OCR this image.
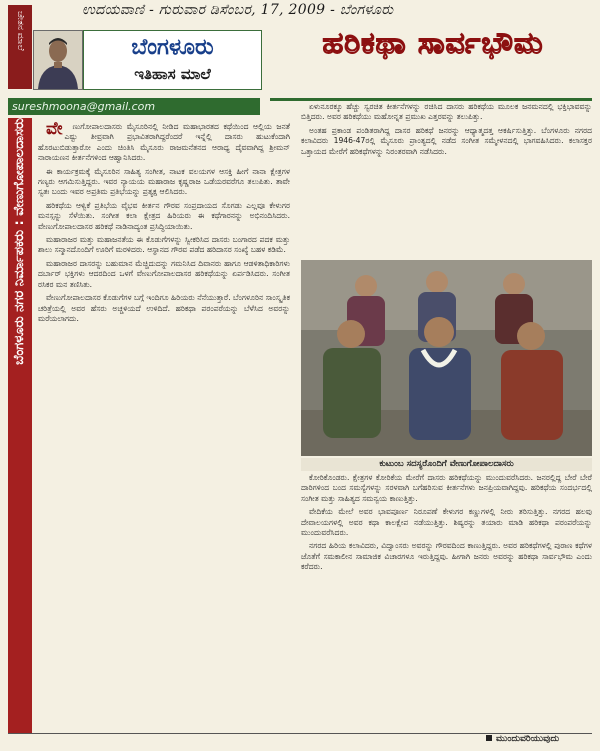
ಚೇತನ ಮಾಲೆ
ಉದಯವಾಣಿ - ಗುರುವಾರ ಡಿಸೆಂಬರ, 17, 2009 - ಬೆಂಗಳೂರು
ಬೆಂಗಳೂರು
ಇತಿಹಾಸ ಮಾಲೆ
ಹರಿಕಥಾ ಸಾರ್ವಭೌಮ
sureshmoona@gmail.com
ಬೆಂಗಳೂರು ನಗರ ನಿರ್ಮಾಪಕರು : ವೇಣುಗೋಪಾಲದಾಸರು	ವೇ ಣುಗೋಪಾಲದಾಸರು ಮೈಸೂರಿನಲ್ಲಿ ನೀಡಿದ ಮಹಾಭಾರತದ ಕಥೆಯಿಂದ ಆಲ್ಲಿಯ ಜನತೆ ಎಷ್ಟು ತೀವ್ರವಾಗಿ ಪ್ರಭಾವಿತರಾಗಿದ್ದರೆಂದರೆ ಇನ್ನೆಲ್ಲಿ ದಾಸರು ಹುಟುಕೆಂದಾಗಿ ಹೊರಟುಬಿಡುತ್ತಾರೋ ಎಂದು ಚಿಂತಿಸಿ ಮೈಸೂರು ರಾಜಮನೆತನದ ಆರಾಧ್ಯ ದೈವವಾಗಿದ್ದ ಶ್ರೀಮನ್ ನಾರಾಯಣನ ಕೀರ್ತನೆಗಳಿಂದ ಆಹ್ವಾನಿಸಿದರು.

ಈ ಕಾರ್ಯಕ್ರಮಕ್ಕೆ ಮೈಸೂರಿನ ಸಾಹಿತ್ಯ ಸಂಗೀತ, ನಾಟಕ ವಲಯಗಳ ಆಸಕ್ತಿ ಹೀಗೆ ನಾನಾ ಕ್ಷೇತ್ರಗಳ ಗಣ್ಯರು ಆಗಮಿಸುತ್ತಿದ್ದರು. ಇವರ ನ್ಯಾಯಯ ಮಹಾರಾಜ ಕೃಷ್ಣರಾಜ ಒಡೆಯರವರೆಗೂ ತಲುಪಿತು. ತಾವೇ ಸ್ವತಃ ಬಂದು ಇವರ ಅಪ್ರತಿಮ ಪ್ರತಿಭೆಯನ್ನು ಪ್ರತ್ಯಕ್ಷ ಆಲಿಸಿದರು.

ಹರಿಕಥೆಯ ಆಳ್ವಿಕೆ ಪ್ರತಿಭೆಯ ವೈಭವ ಕೀರ್ತನ ಗೌರವ ಸಂಪ್ರದಾಯದ ಸೊಗಡು ಎಲ್ಲವೂ ಕೇಳುಗರ ಮನಸ್ಸನ್ನು ಸೆಳೆಯಿತು. ಸಂಗೀತ ಕಲಾ ಕ್ಷೇತ್ರದ ಹಿರಿಯರು ಈ ಕಥೆಗಾರನನ್ನು ಅಭಿನಂದಿಸಿದರು. ವೇಣುಗೋಪಾಲದಾಸರ ಹರಿಕಥೆ ನಾಡಿನಾದ್ಯಂತ ಪ್ರಸಿದ್ಧಿಯಾಯಿತು.

ಮಹಾರಾಜರ ಮತ್ತು ಮಹಾಜನತೆಯ ಈ ಕೊಡುಗೆಗಳನ್ನು ಸ್ವೀಕರಿಸಿದ ದಾಸರು ಬಂಗಾರದ ಪದಕ ಮತ್ತು ಶಾಲು ಸನ್ಮಾನದೊಂದಿಗೆ ಊರಿಗೆ ಮರಳಿದರು. ಆಸ್ಥಾನದ ಗೌರವ ಪಡೆದ ಹರಿದಾಸರ ಸಂಖ್ಯೆ ಬಹಳ ಕಡಿಮೆ.

ಮಹಾರಾಜರ ದಾಸರನ್ನು ಬಹುಮಾನ ಮೆಚ್ಚಿದುದನ್ನು ಗಮನಿಸಿದ ದಿವಾನರು ಹಾಗೂ ಆಡಳಿತಾಧಿಕಾರಿಗಳು ದರ್ಬಾರ್ ಭಕ್ತಿಗಳು ಆದರದಿಂದ ಒಳಗೆ ವೇಣುಗೋಪಾಲದಾಸರ ಹರಿಕಥೆಯನ್ನು ಏರ್ಪಡಿಸಿದರು. ಸಂಗೀತ ರಸಿಕರ ಮನ ತಣಿಸಿತು.

ವೇಣುಗೋಪಾಲದಾಸರ ಕೊಡುಗೆಗಳ ಬಗ್ಗೆ ಇಂದಿಗೂ ಹಿರಿಯರು ನೆನೆಯುತ್ತಾರೆ. ಬೆಂಗಳೂರಿನ ಸಾಂಸ್ಕೃತಿಕ ಚರಿತ್ರೆಯಲ್ಲಿ ಅವರ ಹೆಸರು ಅಚ್ಚಳಿಯದೆ ಉಳಿದಿದೆ. ಹರಿಕಥಾ ಪರಂಪರೆಯನ್ನು ಬೆಳೆಸಿದ ಅವರನ್ನು ಮರೆಯಲಾಗದು.

ಏಳುನೂರಕ್ಕೂ ಹೆಚ್ಚು ಸ್ವರಚಿತ ಕೀರ್ತನೆಗಳನ್ನು ರಚಿಸಿದ ದಾಸರು ಹರಿಕಥೆಯ ಮೂಲಕ ಜನಮನದಲ್ಲಿ ಭಕ್ತಿಭಾವವನ್ನು ಬಿತ್ತಿದರು. ಅವರ ಹರಿಕಥೆಯು ಮಹೋನ್ನತ ಪ್ರಮುಖ ಎತ್ತರವನ್ನು ತಲುಪಿತ್ತು.

ಅಂತಹ ಪ್ರಕಾಂಡ ಪಂಡಿತರಾಗಿದ್ದ ದಾಸರ ಹರಿಕಥೆ ಜನರನ್ನು ಆಧ್ಯಾತ್ಮದತ್ತ ಆಕರ್ಷಿಸುತ್ತಿತ್ತು. ಬೆಂಗಳೂರು ನಗರದ ಕಲಾವಿದರು 1946-47ರಲ್ಲಿ ಮೈಸೂರು ಪ್ರಾಂತ್ಯದಲ್ಲಿ ನಡೆದ ಸಂಗೀತ ಸಮ್ಮೇಳನದಲ್ಲಿ ಭಾಗವಹಿಸಿದರು. ಕಲಾಸಕ್ತರ ಒತ್ತಾಯದ ಮೇರೆಗೆ ಹರಿಕಥೆಗಳನ್ನು ನಿರಂತರವಾಗಿ ನಡೆಸಿದರು.

ಕುಟುಂಬ ಸದಸ್ಯರೊಂದಿಗೆ ವೇಣುಗೋಪಾಲದಾಸರು

ಕೋರಿಕೊಂಡರು. ಕ್ಷೇತ್ರಗಳ ಕೋರಿಕೆಯ ಮೇರೆಗೆ ದಾಸರು ಹರಿಕಥೆಯನ್ನು ಮುಂದುವರೆಸಿದರು. ಜನರಲ್ಲಿದ್ದ ಬೇರೆ ಬೇರೆ ದಾರಿಗಳಿಂದ ಬಂದ ಸಮಸ್ಯೆಗಳನ್ನು ಸರಳವಾಗಿ ಬಗೆಹರಿಸುವ ಕೀರ್ತನೆಗಳು ಜನಪ್ರಿಯವಾಗಿದ್ದವು. ಹರಿಕಥೆಯ ಸಂದರ್ಭದಲ್ಲಿ ಸಂಗೀತ ಮತ್ತು ಸಾಹಿತ್ಯದ ಸಮನ್ವಯ ಕಾಣುತ್ತಿತ್ತು.

ವೇದಿಕೆಯ ಮೇಲೆ ಅವರ ಭಾವಪೂರ್ಣ ನಿರೂಪಣೆ ಕೇಳುಗರ ಕಣ್ಣುಗಳಲ್ಲಿ ನೀರು ತರಿಸುತ್ತಿತ್ತು. ನಗರದ ಹಲವು ದೇವಾಲಯಗಳಲ್ಲಿ ಅವರ ಕಥಾ ಕಾಲಕ್ಷೇಪ ನಡೆಯುತ್ತಿತ್ತು. ಶಿಷ್ಯರನ್ನು ತಯಾರು ಮಾಡಿ ಹರಿಕಥಾ ಪರಂಪರೆಯನ್ನು ಮುಂದುವರೆಸಿದರು.

ನಗರದ ಹಿರಿಯ ಕಲಾವಿದರು, ವಿದ್ವಾಂಸರು ಅವರನ್ನು ಗೌರವದಿಂದ ಕಾಣುತ್ತಿದ್ದರು. ಅವರ ಹರಿಕಥೆಗಳಲ್ಲಿ ಪುರಾಣ ಕಥೆಗಳ ಜೊತೆಗೆ ಸಮಕಾಲೀನ ಸಾಮಾಜಿಕ ವಿಚಾರಗಳೂ ಇರುತ್ತಿದ್ದವು. ಹೀಗಾಗಿ ಜನರು ಅವರನ್ನು ಹರಿಕಥಾ ಸಾರ್ವಭೌಮ ಎಂದು ಕರೆದರು.

ಮುಂದುವರಿಯುವುದು
